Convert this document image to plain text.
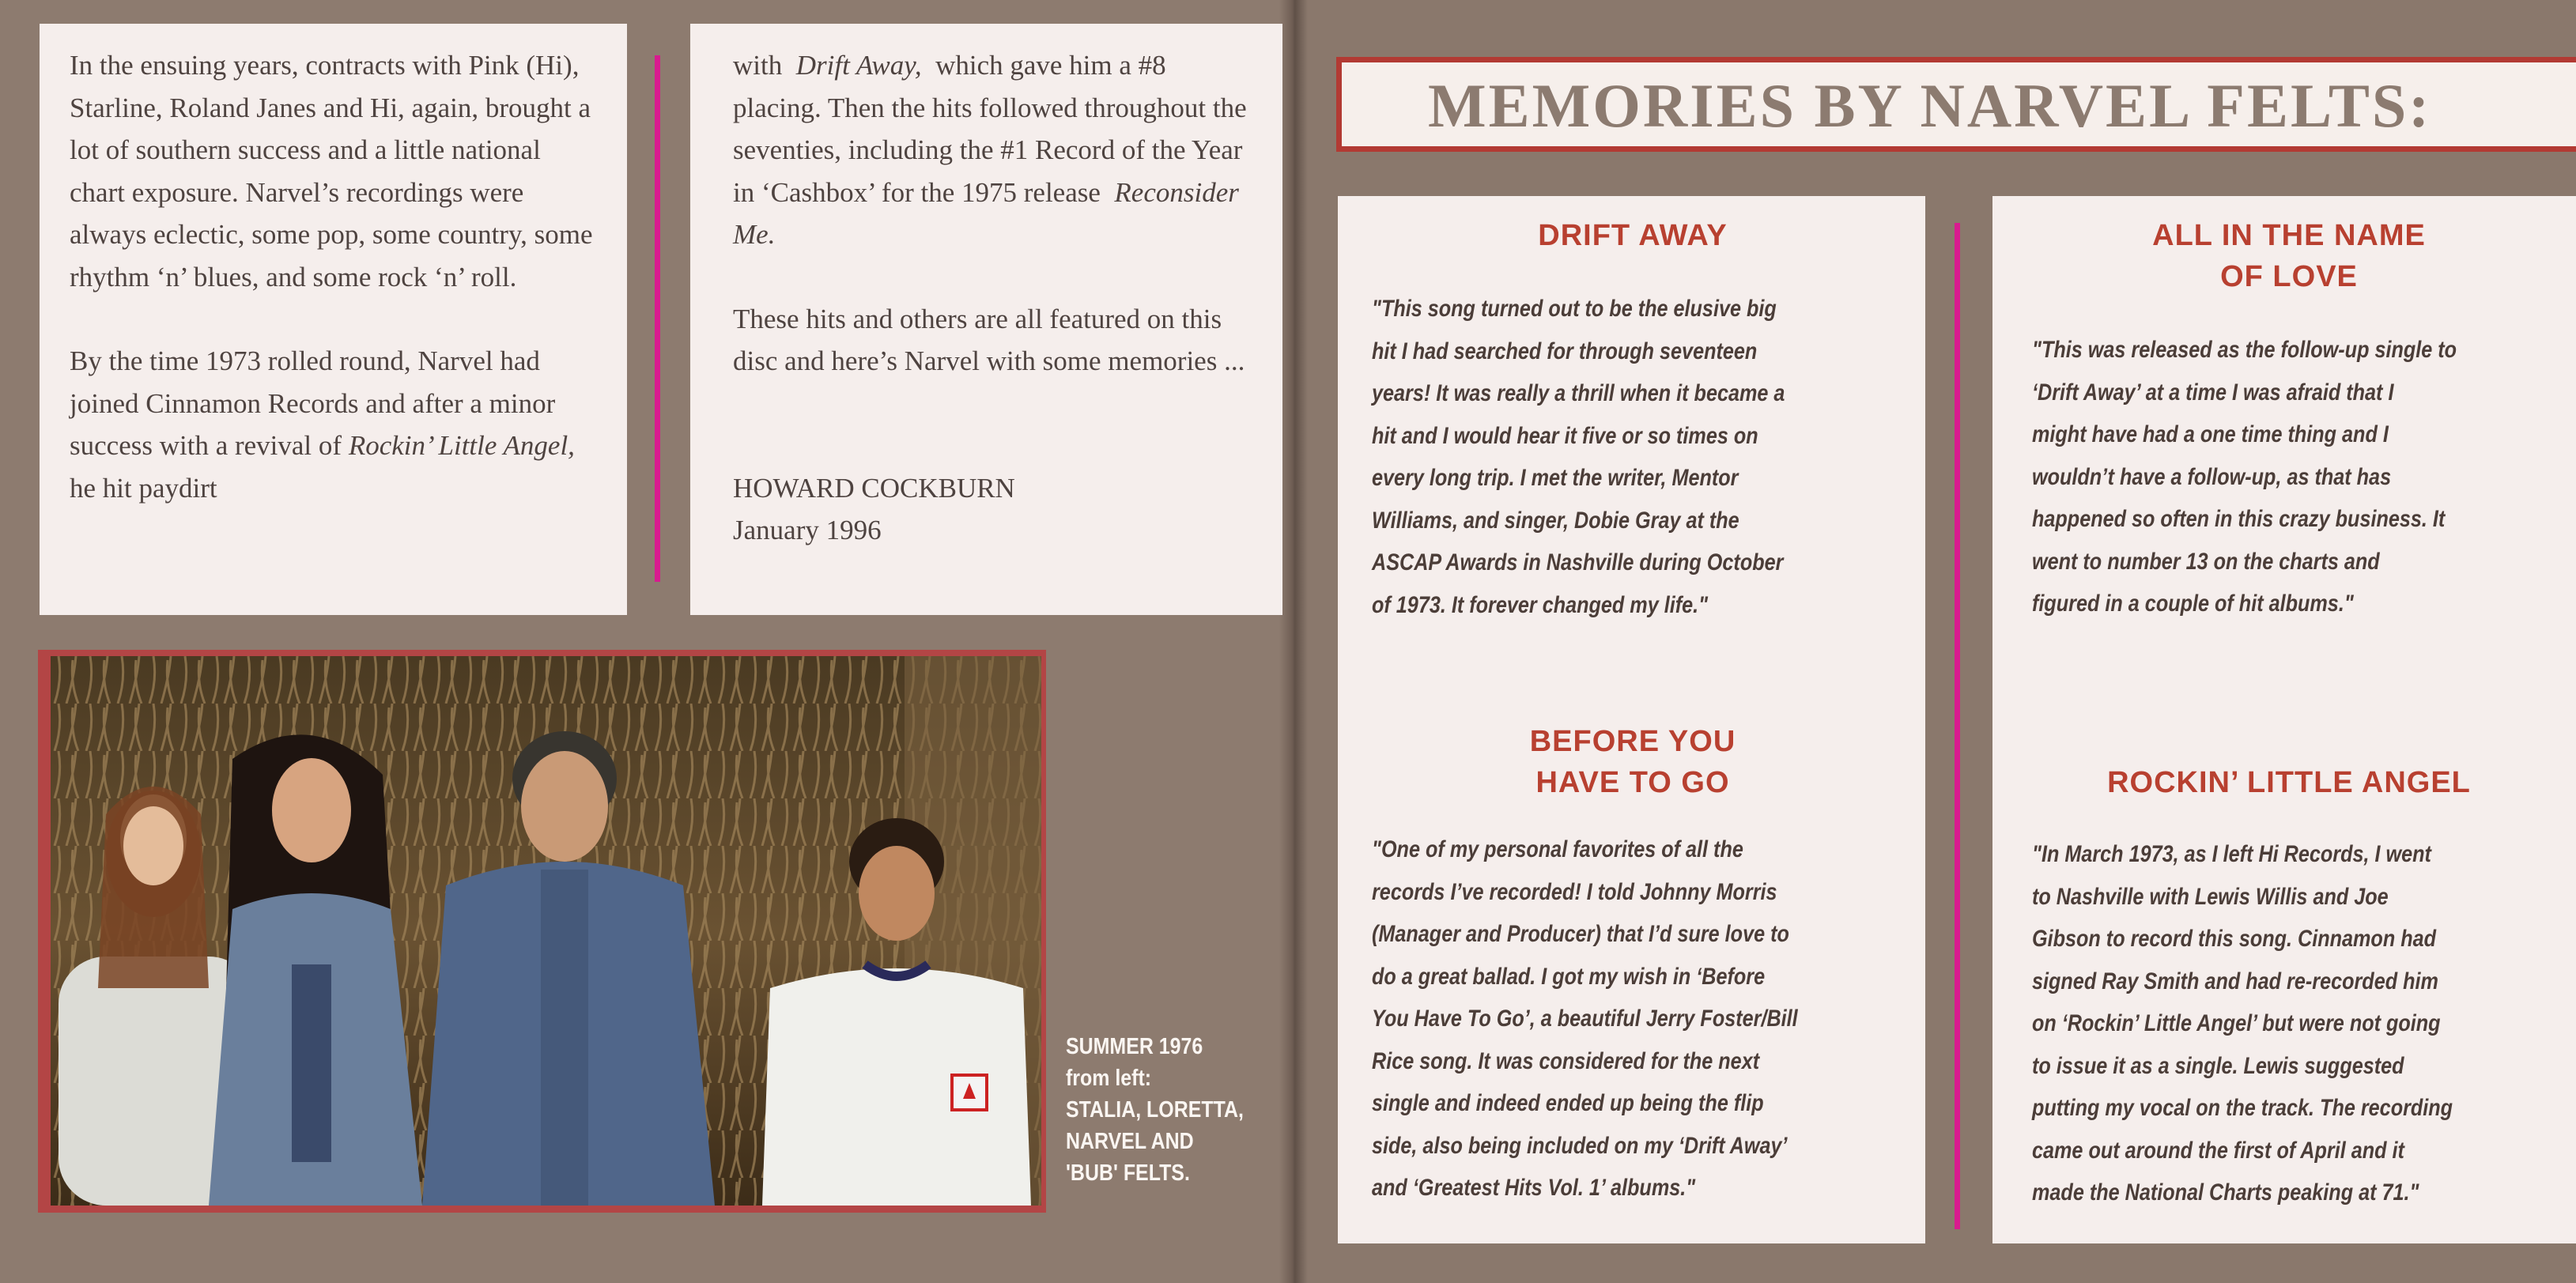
In the ensuing years, contracts with Pink (Hi), Starline, Roland Janes and Hi, again, brought a lot of southern success and a little national chart exposure. Narvel’s recordings were always eclectic, some pop, some country, some rhythm ‘n’ blues, and some rock ‘n’ roll.

By the time 1973 rolled round, Narvel had joined Cinnamon Records and after a minor success with a revival of Rockin’ Little Angel,  he hit paydirt

with Drift Away, which gave him a #8 placing. Then the hits followed throughout the seventies, including the #1 Record of the Year in ‘Cashbox’ for the 1975 release Reconsider Me.

These hits and others are all featured on this disc and here’s Narvel with some memories ...

HOWARD COCKBURN

January 1996

SUMMER 1976
from left:
STALIA, LORETTA,
NARVEL AND
'BUB' FELTS.

MEMORIES BY NARVEL FELTS:
DRIFT AWAY
"This song turned out to be the elusive big
hit I had searched for through seventeen
years! It was really a thrill when it became a
hit and I would hear it five or so times on
every long trip. I met the writer, Mentor
Williams, and singer, Dobie Gray at the
ASCAP Awards in Nashville during October
of 1973. It forever changed my life."
BEFORE YOU
HAVE TO GO
"One of my personal favorites of all the
records I’ve recorded! I told Johnny Morris
(Manager and Producer) that I’d sure love to
do a great ballad. I got my wish in ‘Before
You Have To Go’, a beautiful Jerry Foster/Bill
Rice song. It was considered for the next
single and indeed ended up being the flip
side, also being included on my ‘Drift Away’
and ‘Greatest Hits Vol. 1’ albums."
ALL IN THE NAME
OF LOVE
"This was released as the follow-up single to
‘Drift Away’ at a time I was afraid that I
might have had a one time thing and I
wouldn’t have a follow-up, as that has
happened so often in this crazy business. It
went to number 13 on the charts and
figured in a couple of hit albums."
ROCKIN’ LITTLE ANGEL
"In March 1973, as I left Hi Records, I went
to Nashville with Lewis Willis and Joe
Gibson to record this song. Cinnamon had
signed Ray Smith and had re-recorded him
on ‘Rockin’ Little Angel’ but were not going
to issue it as a single. Lewis suggested
putting my vocal on the track. The recording
came out around the first of April and it
made the National Charts peaking at 71."
